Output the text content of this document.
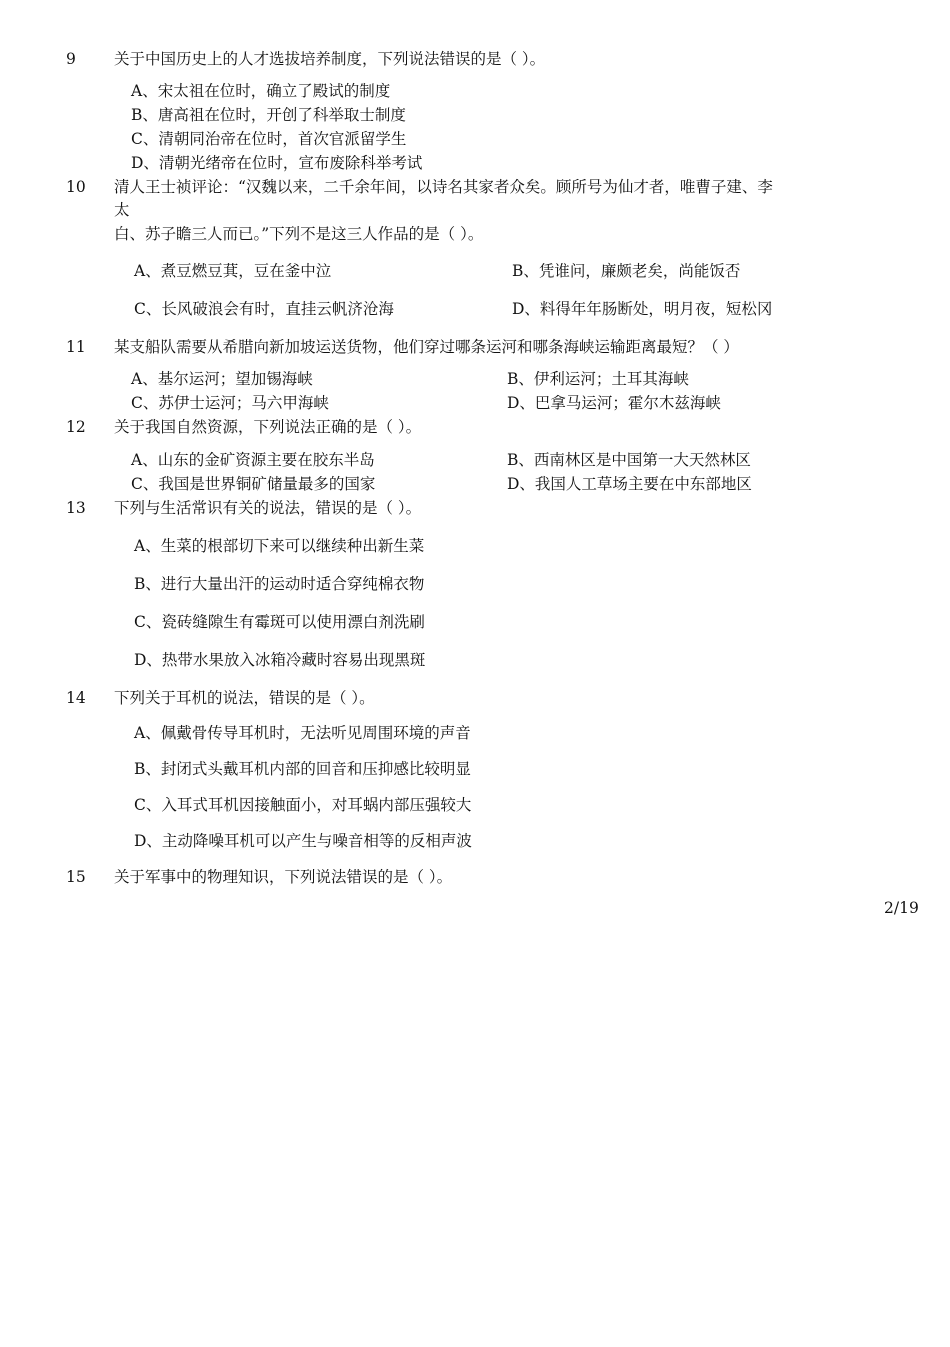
9 关于中国历史上的人才选拔培养制度，下列说法错误的是（ ）。
A、宋太祖在位时，确立了殿试的制度
B、唐高祖在位时，开创了科举取士制度
C、清朝同治帝在位时，首次官派留学生
D、清朝光绪帝在位时，宣布废除科举考试
10 清人王士祯评论：“汉魏以来，二千余年间，以诗名其家者众矣。顾所号为仙才者，唯曹子建、李
太
白、苏子瞻三人而已。”下列不是这三人作品的是（ ）。
A、煮豆燃豆萁，豆在釜中泣	B、凭谁问，廉颇老矣，尚能饭否
C、长风破浪会有时，直挂云帆济沧海	D、料得年年肠断处，明月夜，短松冈
11 某支船队需要从希腊向新加坡运送货物，他们穿过哪条运河和哪条海峡运输距离最短？（ ）
A、基尔运河；望加锡海峡	B、伊利运河；土耳其海峡
C、苏伊士运河；马六甲海峡	D、巴拿马运河；霍尔木兹海峡
12 关于我国自然资源，下列说法正确的是（ ）。
A、山东的金矿资源主要在胶东半岛	B、西南林区是中国第一大天然林区
C、我国是世界铜矿储量最多的国家	D、我国人工草场主要在中东部地区
13 下列与生活常识有关的说法，错误的是（ ）。
A、生菜的根部切下来可以继续种出新生菜
B、进行大量出汗的运动时适合穿纯棉衣物
C、瓷砖缝隙生有霉斑可以使用漂白剂洗刷
D、热带水果放入冰箱冷藏时容易出现黑斑
14 下列关于耳机的说法，错误的是（ ）。
A、佩戴骨传导耳机时，无法听见周围环境的声音
B、封闭式头戴耳机内部的回音和压抑感比较明显
C、入耳式耳机因接触面小，对耳蜗内部压强较大
D、主动降噪耳机可以产生与噪音相等的反相声波
15 关于军事中的物理知识，下列说法错误的是（ ）。
2/19
